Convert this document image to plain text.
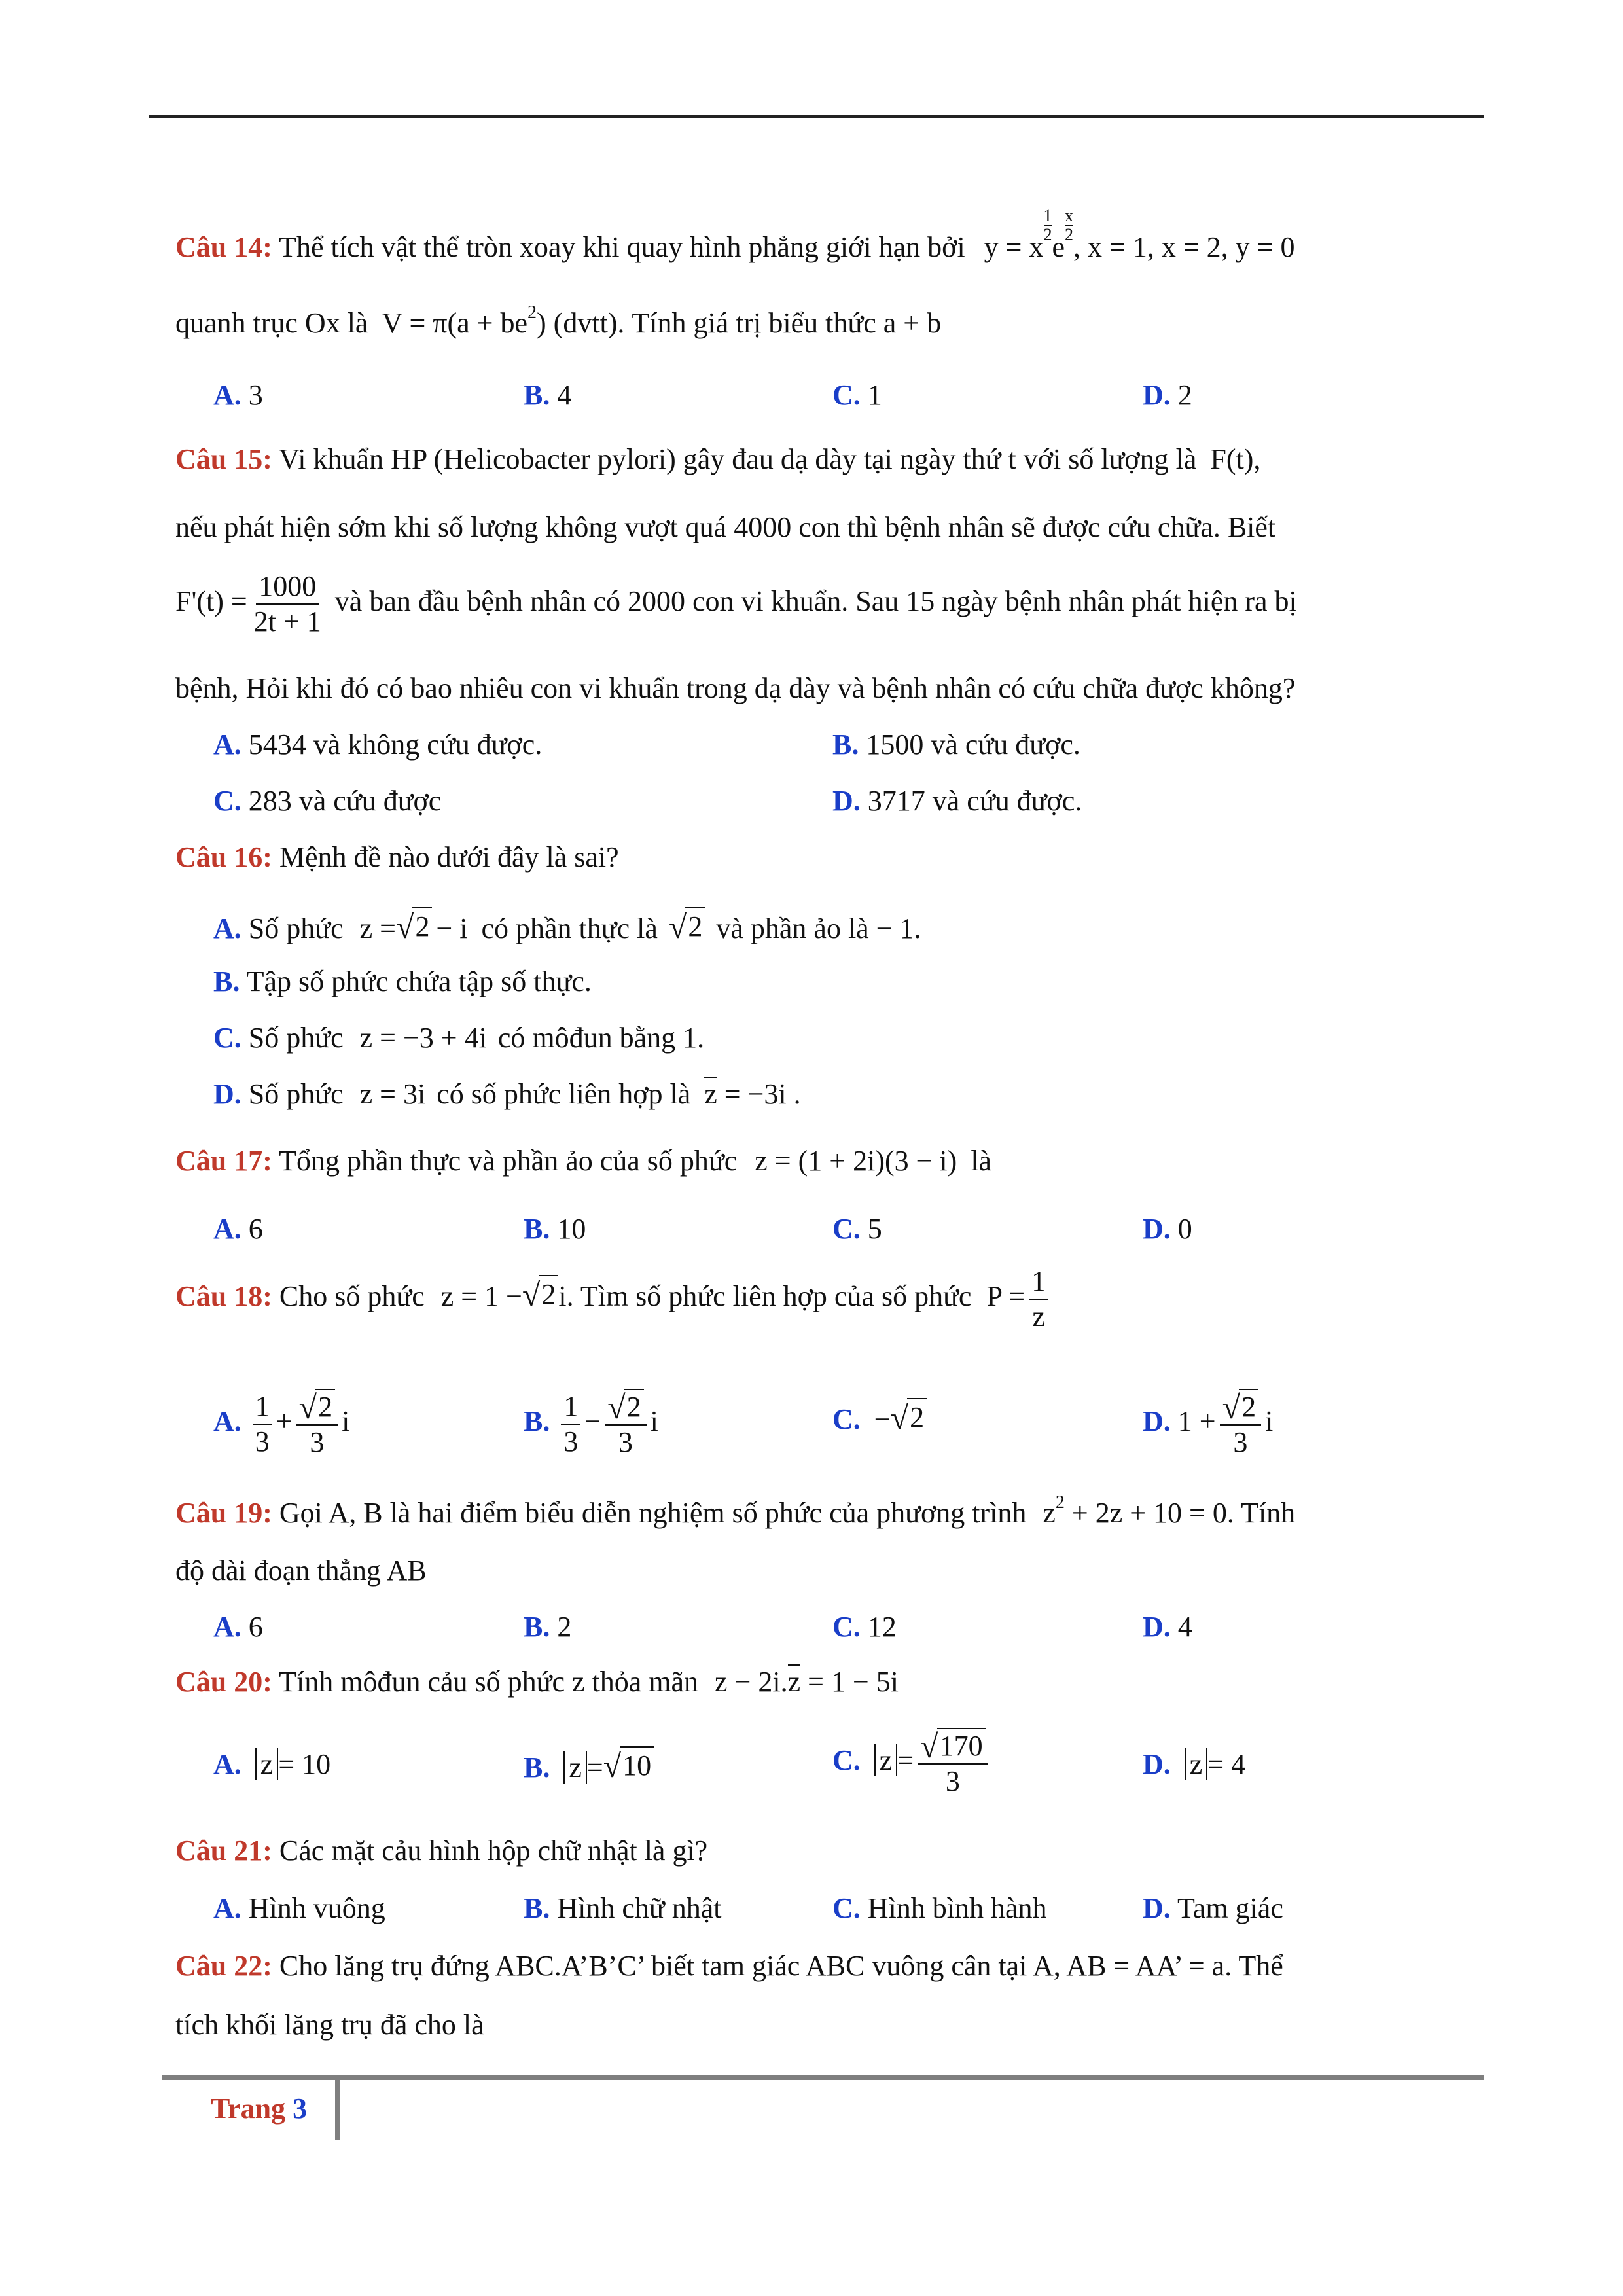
Câu 14: Thể tích vật thể tròn xoay khi quay hình phẳng giới hạn bởi y = x
$\frac{1}{2}$
e
$\frac{x}{2}$
, x = 1, x = 2, y = 0
quanh trục Ox là $V = \pi(a + be^2)$ (dvtt). Tính giá trị biểu thức a + b
A. 3	B. 4	C. 1	D. 2
Câu 15: Vi khuẩn HP (Helicobacter pylori) gây đau dạ dày tại ngày thứ t với số lượng là F(t),
nếu phát hiện sớm khi số lượng không vượt quá 4000 con thì bệnh nhân sẽ được cứu chữa. Biết
$F'(t) = \frac{1000}{2t + 1}$ và ban đầu bệnh nhân có 2000 con vi khuẩn. Sau 15 ngày bệnh nhân phát hiện ra bị
bệnh, Hỏi khi đó có bao nhiêu con vi khuẩn trong dạ dày và bệnh nhân có cứu chữa được không?
A. 5434 và không cứu được.	B. 1500 và cứu được.
C. 283 và cứu được	D. 3717 và cứu được.
Câu 16: Mệnh đề nào dưới đây là sai?
A. Số phức z = √ 2 − i có phần thực là √ 2 và phần ảo là − 1.
B. Tập số phức chứa tập số thực.
C. Số phức z = −3 + 4i có môđun bằng 1.
D. Số phức z = 3i có số phức liên hợp là z = −3i .
Câu 17: Tổng phần thực và phần ảo của số phức z = (1 + 2i)(3 − i) là
A. 6	B. 10	C. 5	D. 0
Câu 18: Cho số phức z = 1 − √ 2 i. Tìm số phức liên hợp của số phức $P = \frac{1}{z}$
A. $\frac{1}{3} + \frac{√ 2}{3}$ i	B. $\frac{1}{3} - \frac{√ 2}{3}$ i	C. − √ 2	D. $1 + \frac{√ 2}{3}$ i
Câu 19: Gọi A, B là hai điểm biểu diễn nghiệm số phức của phương trình $z^2 + 2z + 10 = 0$. Tính
độ dài đoạn thẳng AB
A. 6	B. 2	C. 12	D. 4
Câu 20: Tính môđun cảu số phức z thỏa mãn z − 2i.z = 1 − 5i
A. z = 10	B. z = √ 10	C. $z = \frac{√ 170}{3}$	D. z = 4
Câu 21: Các mặt cảu hình hộp chữ nhật là gì?
A. Hình vuông	B. Hình chữ nhật	C. Hình bình hành	D. Tam giác
Câu 22: Cho lăng trụ đứng ABC.A’B’C’ biết tam giác ABC vuông cân tại A, AB = AA’ = a. Thể
tích khối lăng trụ đã cho là
Trang 3
